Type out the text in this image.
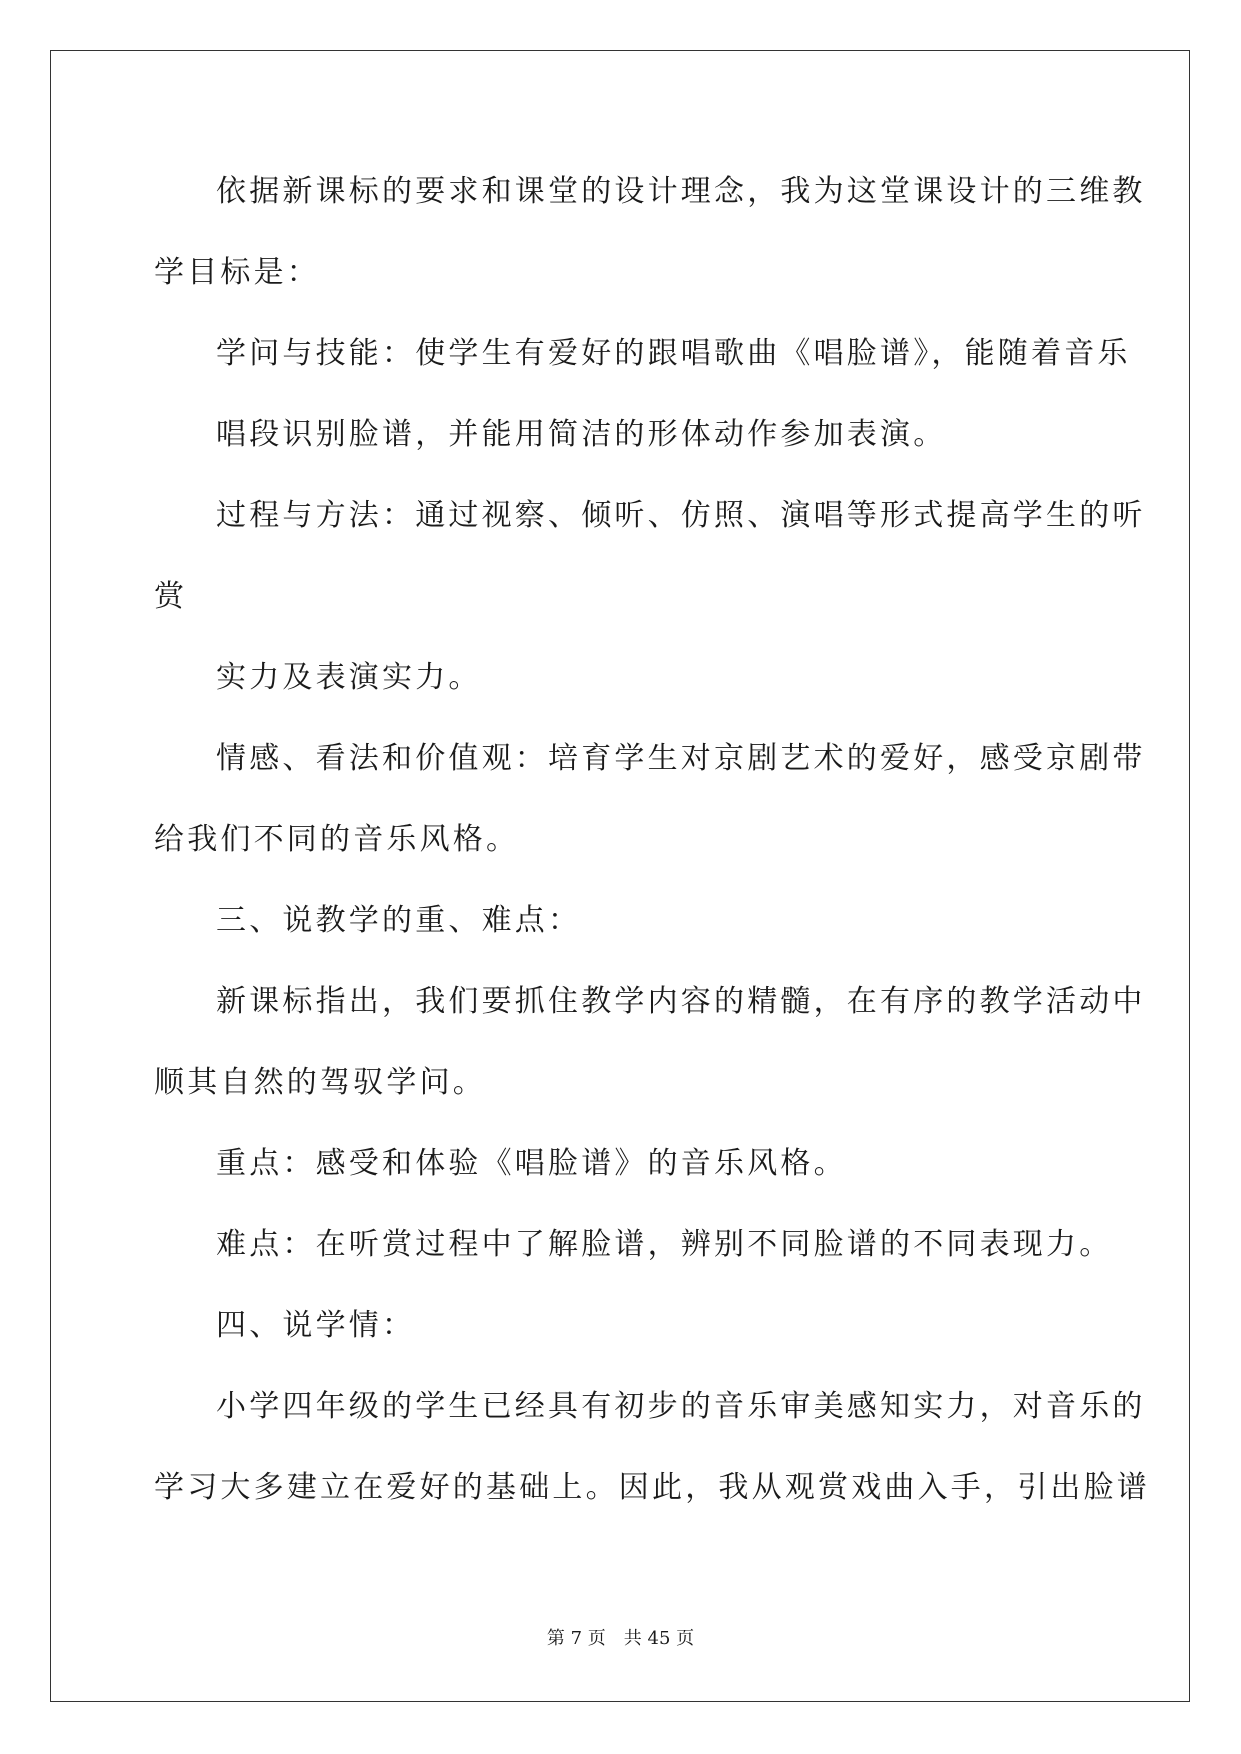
依据新课标的要求和课堂的设计理念，我为这堂课设计的三维教
学目标是：
学问与技能：使学生有爱好的跟唱歌曲《唱脸谱》，能随着音乐
唱段识别脸谱，并能用简洁的形体动作参加表演。
过程与方法：通过视察、倾听、仿照、演唱等形式提高学生的听
赏
实力及表演实力。
情感、看法和价值观：培育学生对京剧艺术的爱好，感受京剧带
给我们不同的音乐风格。
三、说教学的重、难点：
新课标指出，我们要抓住教学内容的精髓，在有序的教学活动中
顺其自然的驾驭学问。
重点：感受和体验《唱脸谱》的音乐风格。
难点：在听赏过程中了解脸谱，辨别不同脸谱的不同表现力。
四、说学情：
小学四年级的学生已经具有初步的音乐审美感知实力，对音乐的
学习大多建立在爱好的基础上。因此，我从观赏戏曲入手，引出脸谱
第 7 页　共 45 页
